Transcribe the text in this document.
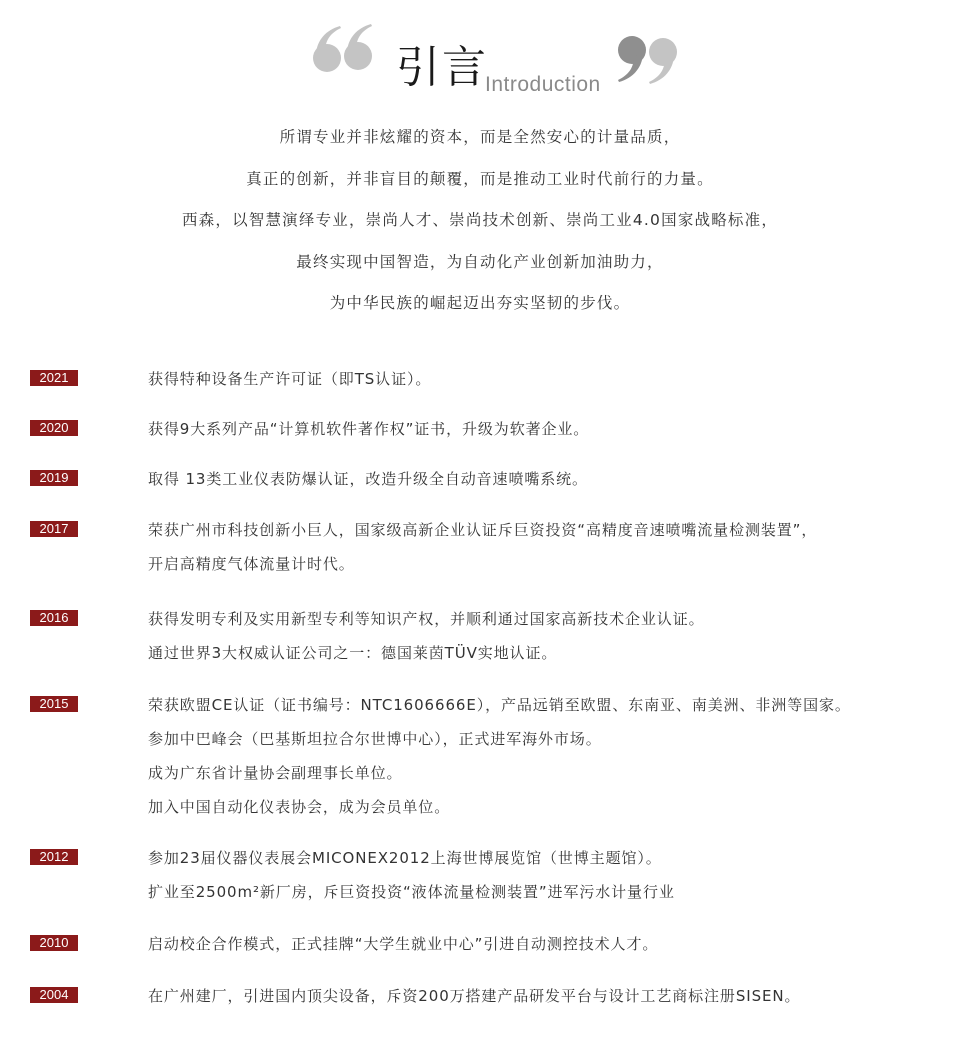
引言
Introduction

所谓专业并非炫耀的资本，而是全然安心的计量品质，

真正的创新，并非盲目的颠覆，而是推动工业时代前行的力量。

西森，以智慧演绎专业，崇尚人才、崇尚技术创新、崇尚工业4.0国家战略标准，

最终实现中国智造，为自动化产业创新加油助力，

为中华民族的崛起迈出夯实坚韧的步伐。

2021	获得特种设备生产许可证（即TS认证）。
2020	获得9大系列产品“计算机软件著作权”证书，升级为软著企业。
2019	取得 13类工业仪表防爆认证，改造升级全自动音速喷嘴系统。
2017	荣获广州市科技创新小巨人，国家级高新企业认证斥巨资投资“高精度音速喷嘴流量检测装置”，
开启高精度气体流量计时代。
2016	获得发明专利及实用新型专利等知识产权，并顺利通过国家高新技术企业认证。
通过世界3大权威认证公司之一：德国莱茵TÜV实地认证。
2015	荣获欧盟CE认证（证书编号：NTC1606666E），产品远销至欧盟、东南亚、南美洲、非洲等国家。
参加中巴峰会（巴基斯坦拉合尔世博中心），正式进军海外市场。
成为广东省计量协会副理事长单位。
加入中国自动化仪表协会，成为会员单位。
2012	参加23届仪器仪表展会MICONEX2012上海世博展览馆（世博主题馆）。
扩业至2500m²新厂房，斥巨资投资“液体流量检测装置”进军污水计量行业
2010	启动校企合作模式，正式挂牌“大学生就业中心”引进自动测控技术人才。
2004	在广州建厂，引进国内顶尖设备，斥资200万搭建产品研发平台与设计工艺商标注册SISEN。
